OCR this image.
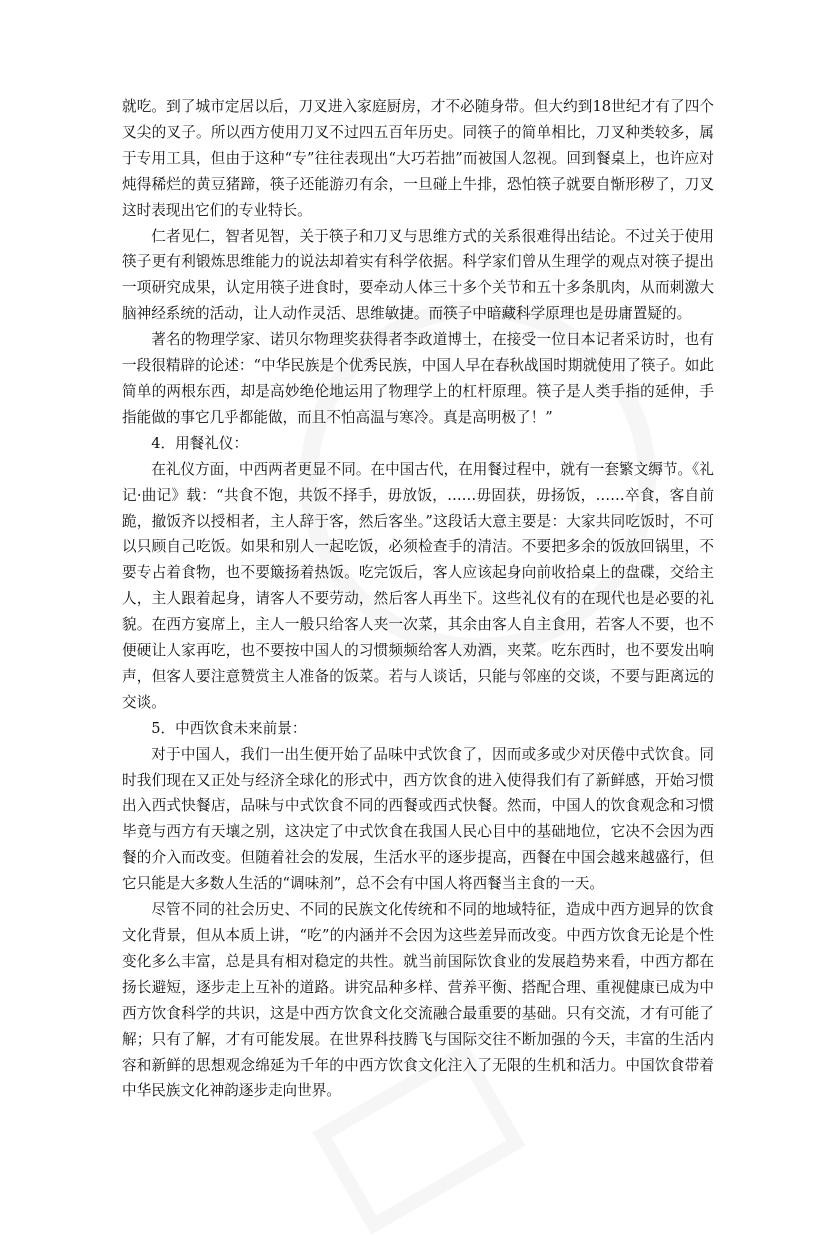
就吃。到了城市定居以后，刀叉进入家庭厨房，才不必随身带。但大约到18世纪才有了四个叉尖的叉子。所以西方使用刀叉不过四五百年历史。同筷子的简单相比，刀叉种类较多，属于专用工具，但由于这种“专”往往表现出“大巧若拙”而被国人忽视。回到餐桌上，也许应对炖得稀烂的黄豆猪蹄，筷子还能游刃有余，一旦碰上牛排，恐怕筷子就要自惭形秽了，刀叉这时表现出它们的专业特长。

仁者见仁，智者见智，关于筷子和刀叉与思维方式的关系很难得出结论。不过关于使用筷子更有利锻炼思维能力的说法却着实有科学依据。科学家们曾从生理学的观点对筷子提出一项研究成果，认定用筷子进食时，要牵动人体三十多个关节和五十多条肌肉，从而刺激大脑神经系统的活动，让人动作灵活、思维敏捷。而筷子中暗藏科学原理也是毋庸置疑的。

著名的物理学家、诺贝尔物理奖获得者李政道博士，在接受一位日本记者采访时，也有一段很精辟的论述：“中华民族是个优秀民族，中国人早在春秋战国时期就使用了筷子。如此简单的两根东西，却是高妙绝伦地运用了物理学上的杠杆原理。筷子是人类手指的延伸，手指能做的事它几乎都能做，而且不怕高温与寒冷。真是高明极了！”

4．用餐礼仪：

在礼仪方面，中西两者更显不同。在中国古代，在用餐过程中，就有一套繁文缛节。《礼记·曲记》载：“共食不饱，共饭不择手，毋放饭，……毋固获，毋扬饭，……卒食，客自前跪，撤饭齐以授相者，主人辞于客，然后客坐。”这段话大意主要是：大家共同吃饭时，不可以只顾自己吃饭。如果和别人一起吃饭，必须检查手的清洁。不要把多余的饭放回锅里，不要专占着食物，也不要簸扬着热饭。吃完饭后，客人应该起身向前收拾桌上的盘碟，交给主人，主人跟着起身，请客人不要劳动，然后客人再坐下。这些礼仪有的在现代也是必要的礼貌。在西方宴席上，主人一般只给客人夹一次菜，其余由客人自主食用，若客人不要，也不便硬让人家再吃，也不要按中国人的习惯频频给客人劝酒，夹菜。吃东西时，也不要发出响声，但客人要注意赞赏主人准备的饭菜。若与人谈话，只能与邻座的交谈，不要与距离远的交谈。

5．中西饮食未来前景：

对于中国人，我们一出生便开始了品味中式饮食了，因而或多或少对厌倦中式饮食。同时我们现在又正处与经济全球化的形式中，西方饮食的进入使得我们有了新鲜感，开始习惯出入西式快餐店，品味与中式饮食不同的西餐或西式快餐。然而，中国人的饮食观念和习惯毕竟与西方有天壤之别，这决定了中式饮食在我国人民心目中的基础地位，它决不会因为西餐的介入而改变。但随着社会的发展，生活水平的逐步提高，西餐在中国会越来越盛行，但它只能是大多数人生活的“调味剂”，总不会有中国人将西餐当主食的一天。

尽管不同的社会历史、不同的民族文化传统和不同的地域特征，造成中西方迥异的饮食文化背景，但从本质上讲，“吃”的内涵并不会因为这些差异而改变。中西方饮食无论是个性变化多么丰富，总是具有相对稳定的共性。就当前国际饮食业的发展趋势来看，中西方都在扬长避短，逐步走上互补的道路。讲究品种多样、营养平衡、搭配合理、重视健康已成为中西方饮食科学的共识，这是中西方饮食文化交流融合最重要的基础。只有交流，才有可能了解；只有了解，才有可能发展。在世界科技腾飞与国际交往不断加强的今天，丰富的生活内容和新鲜的思想观念绵延为千年的中西方饮食文化注入了无限的生机和活力。中国饮食带着中华民族文化神韵逐步走向世界。
